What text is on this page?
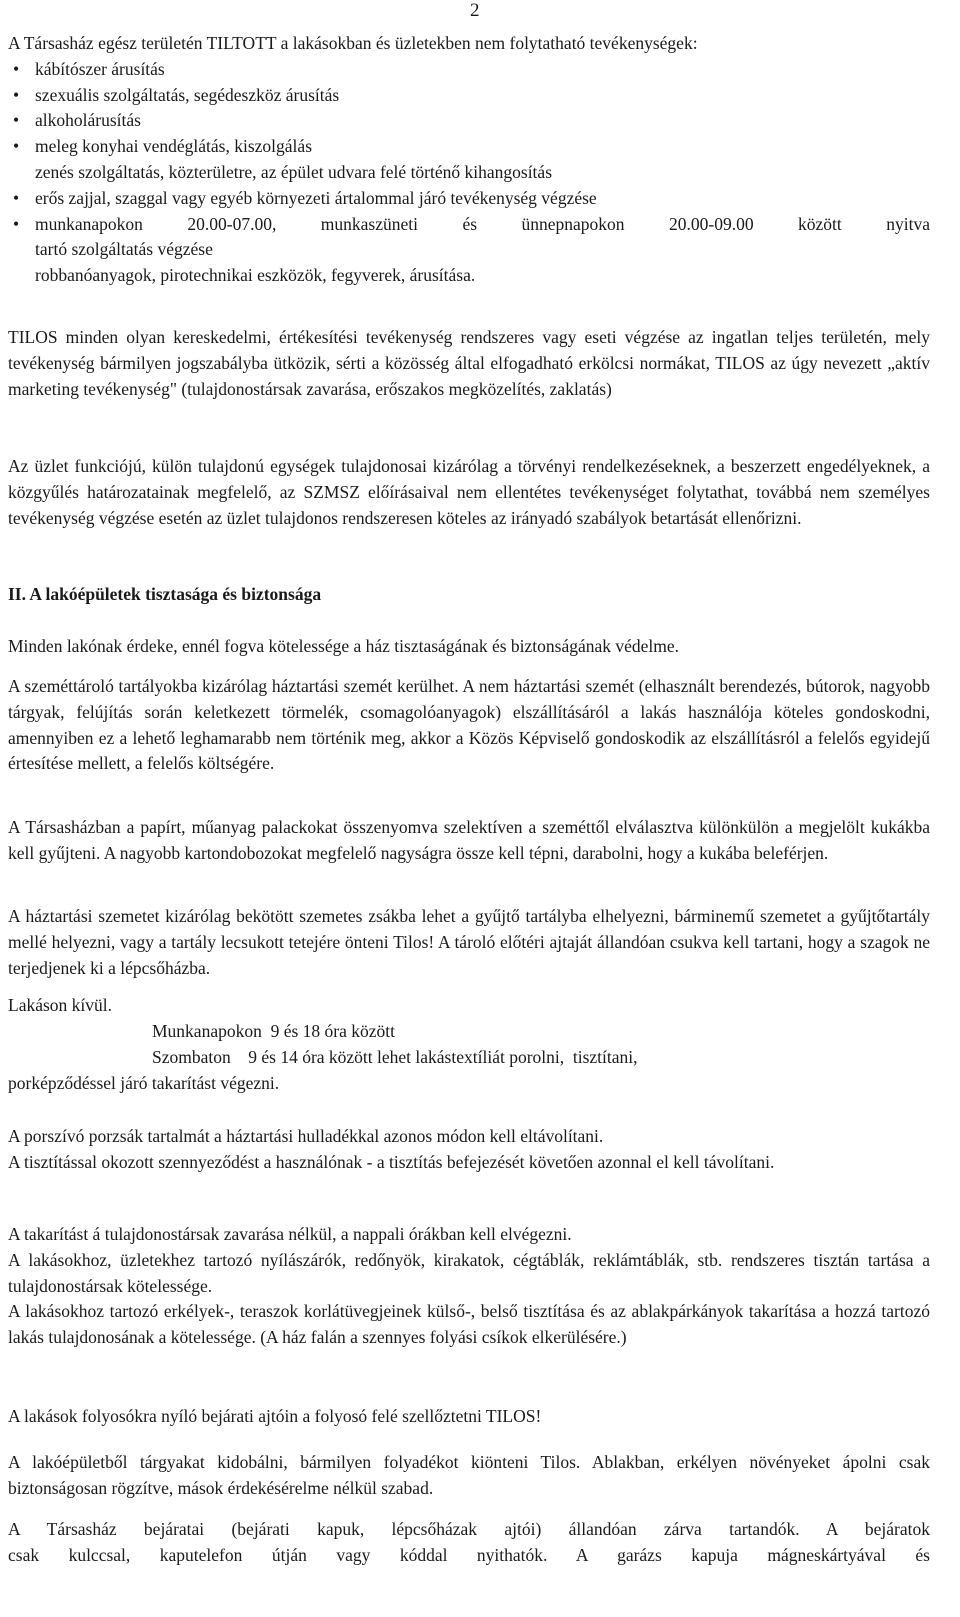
2
A Társasház egész területén TILTOTT a lakásokban és üzletekben nem folytatható tevékenységek:
• kábítószer árusítás
• szexuális szolgáltatás, segédeszköz árusítás
• alkoholárusítás
• meleg konyhai vendéglátás, kiszolgálás
zenés szolgáltatás, közterületre, az épület udvara felé történő kihangosítás
• erős zajjal, szaggal vagy egyéb környezeti ártalommal járó tevékenység végzése
• munkanapokon 20.00-07.00, munkaszüneti és ünnepnapokon 20.00-09.00 között nyitva
tartó szolgáltatás végzése
robbanóanyagok, pirotechnikai eszközök, fegyverek, árusítása.
TILOS minden olyan kereskedelmi, értékesítési tevékenység rendszeres vagy eseti végzése az ingatlan teljes területén, mely tevékenység bármilyen jogszabályba ütközik, sérti a közösség által elfogadható erkölcsi normákat, TILOS az úgy nevezett „aktív marketing tevékenység" (tulajdonostársak zavarása, erőszakos megközelítés, zaklatás)
Az üzlet funkciójú, külön tulajdonú egységek tulajdonosai kizárólag a törvényi rendelkezéseknek, a beszerzett engedélyeknek, a közgyűlés határozatainak megfelelő, az SZMSZ előírásaival nem ellentétes tevékenységet folytathat, továbbá nem személyes tevékenység végzése esetén az üzlet tulajdonos rendszeresen köteles az irányadó szabályok betartását ellenőrizni.
II. A lakóépületek tisztasága és biztonsága
Minden lakónak érdeke, ennél fogva kötelessége a ház tisztaságának és biztonságának védelme.
A szeméttároló tartályokba kizárólag háztartási szemét kerülhet. A nem háztartási szemét (elhasznált berendezés, bútorok, nagyobb tárgyak, felújítás során keletkezett törmelék, csomagolóanyagok) elszállításáról a lakás használója köteles gondoskodni, amennyiben ez a lehető leghamarabb nem történik meg, akkor a Közös Képviselő gondoskodik az elszállításról a felelős egyidejű értesítése mellett, a felelős költségére.
A Társasházban a papírt, műanyag palackokat összenyomva szelektíven a szeméttől elválasztva különkülön a megjelölt kukákba kell gyűjteni. A nagyobb kartondobozokat megfelelő nagyságra össze kell tépni, darabolni, hogy a kukába beleférjen.
A háztartási szemetet kizárólag bekötött szemetes zsákba lehet a gyűjtő tartályba elhelyezni, bárminemű szemetet a gyűjtőtartály mellé helyezni, vagy a tartály lecsukott tetejére önteni Tilos! A tároló előtéri ajtaját állandóan csukva kell tartani, hogy a szagok ne terjedjenek ki a lépcsőházba.
Lakáson kívül.
Munkanapokon  9 és 18 óra között
Szombaton    9 és 14 óra között lehet lakástextíliát porolni,  tisztítani,
porképződéssel járó takarítást végezni.
A porszívó porzsák tartalmát a háztartási hulladékkal azonos módon kell eltávolítani.
A tisztítással okozott szennyeződést a használónak - a tisztítás befejezését követően azonnal el kell távolítani.
A takarítást á tulajdonostársak zavarása nélkül, a nappali órákban kell elvégezni.
A lakásokhoz, üzletekhez tartozó nyílászárók, redőnyök, kirakatok, cégtáblák, reklámtáblák, stb. rendszeres tisztán tartása a tulajdonostársak kötelessége.
A lakásokhoz tartozó erkélyek-, teraszok korlátüvegjeinek külső-, belső tisztítása és az ablakpárkányok takarítása a hozzá tartozó lakás tulajdonosának a kötelessége. (A ház falán a szennyes folyási csíkok elkerülésére.)
A lakások folyosókra nyíló bejárati ajtóin a folyosó felé szellőztetni TILOS!
A lakóépületből tárgyakat kidobálni, bármilyen folyadékot kiönteni Tilos. Ablakban, erkélyen növényeket ápolni csak biztonságosan rögzítve, mások érdekésérelme nélkül szabad.
A Társasház bejáratai (bejárati kapuk, lépcsőházak ajtói) állandóan zárva tartandók. A bejáratok
csak kulccsal, kaputelefon útján vagy kóddal nyithatók. A garázs kapuja mágneskártyával és
